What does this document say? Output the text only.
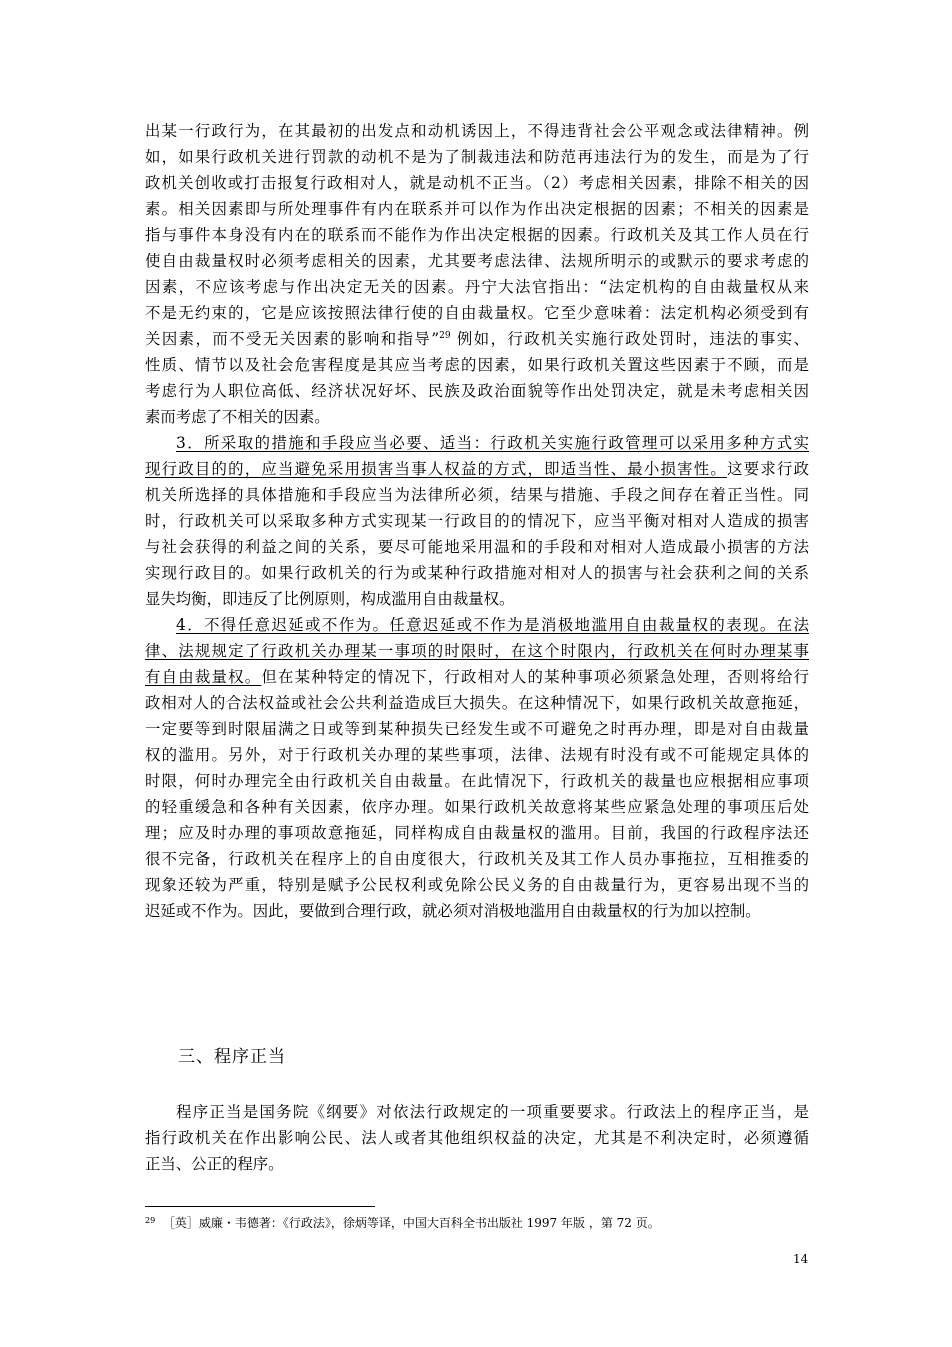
出某一行政行为，在其最初的出发点和动机诱因上，不得违背社会公平观念或法律精神。例
如，如果行政机关进行罚款的动机不是为了制裁违法和防范再违法行为的发生，而是为了行
政机关创收或打击报复行政相对人，就是动机不正当。（2）考虑相关因素，排除不相关的因
素。相关因素即与所处理事件有内在联系并可以作为作出决定根据的因素；不相关的因素是
指与事件本身没有内在的联系而不能作为作出决定根据的因素。行政机关及其工作人员在行
使自由裁量权时必须考虑相关的因素，尤其要考虑法律、法规所明示的或默示的要求考虑的
因素，不应该考虑与作出决定无关的因素。丹宁大法官指出：“法定机构的自由裁量权从来
不是无约束的，它是应该按照法律行使的自由裁量权。它至少意味着：法定机构必须受到有
关因素，而不受无关因素的影响和指导”$^{29}$ 例如，行政机关实施行政处罚时，违法的事实、
性质、情节以及社会危害程度是其应当考虑的因素，如果行政机关置这些因素于不顾，而是
考虑行为人职位高低、经济状况好坏、民族及政治面貌等作出处罚决定，就是未考虑相关因
素而考虑了不相关的因素。
3．所采取的措施和手段应当必要、适当：行政机关实施行政管理可以采用多种方式实
现行政目的的，应当避免采用损害当事人权益的方式，即适当性、最小损害性。这要求行政
机关所选择的具体措施和手段应当为法律所必须，结果与措施、手段之间存在着正当性。同
时，行政机关可以采取多种方式实现某一行政目的的情况下，应当平衡对相对人造成的损害
与社会获得的利益之间的关系，要尽可能地采用温和的手段和对相对人造成最小损害的方法
实现行政目的。如果行政机关的行为或某种行政措施对相对人的损害与社会获利之间的关系
显失均衡，即违反了比例原则，构成滥用自由裁量权。
4．不得任意迟延或不作为。任意迟延或不作为是消极地滥用自由裁量权的表现。在法
律、法规规定了行政机关办理某一事项的时限时，在这个时限内，行政机关在何时办理某事
有自由裁量权。但在某种特定的情况下，行政相对人的某种事项必须紧急处理，否则将给行
政相对人的合法权益或社会公共利益造成巨大损失。在这种情况下，如果行政机关故意拖延，
一定要等到时限届满之日或等到某种损失已经发生或不可避免之时再办理，即是对自由裁量
权的滥用。另外，对于行政机关办理的某些事项，法律、法规有时没有或不可能规定具体的
时限，何时办理完全由行政机关自由裁量。在此情况下，行政机关的裁量也应根据相应事项
的轻重缓急和各种有关因素，依序办理。如果行政机关故意将某些应紧急处理的事项压后处
理；应及时办理的事项故意拖延，同样构成自由裁量权的滥用。目前，我国的行政程序法还
很不完备，行政机关在程序上的自由度很大，行政机关及其工作人员办事拖拉，互相推委的
现象还较为严重，特别是赋予公民权利或免除公民义务的自由裁量行为，更容易出现不当的
迟延或不作为。因此，要做到合理行政，就必须对消极地滥用自由裁量权的行为加以控制。
三、程序正当
程序正当是国务院《纲要》对依法行政规定的一项重要要求。行政法上的程序正当，是
指行政机关在作出影响公民、法人或者其他组织权益的决定，尤其是不利决定时，必须遵循
正当、公正的程序。
$^{29}$ ［英］威廉・韦德著：《行政法》，徐炳等译，中国大百科全书出版社 1997 年版 ，第 72 页。
14
